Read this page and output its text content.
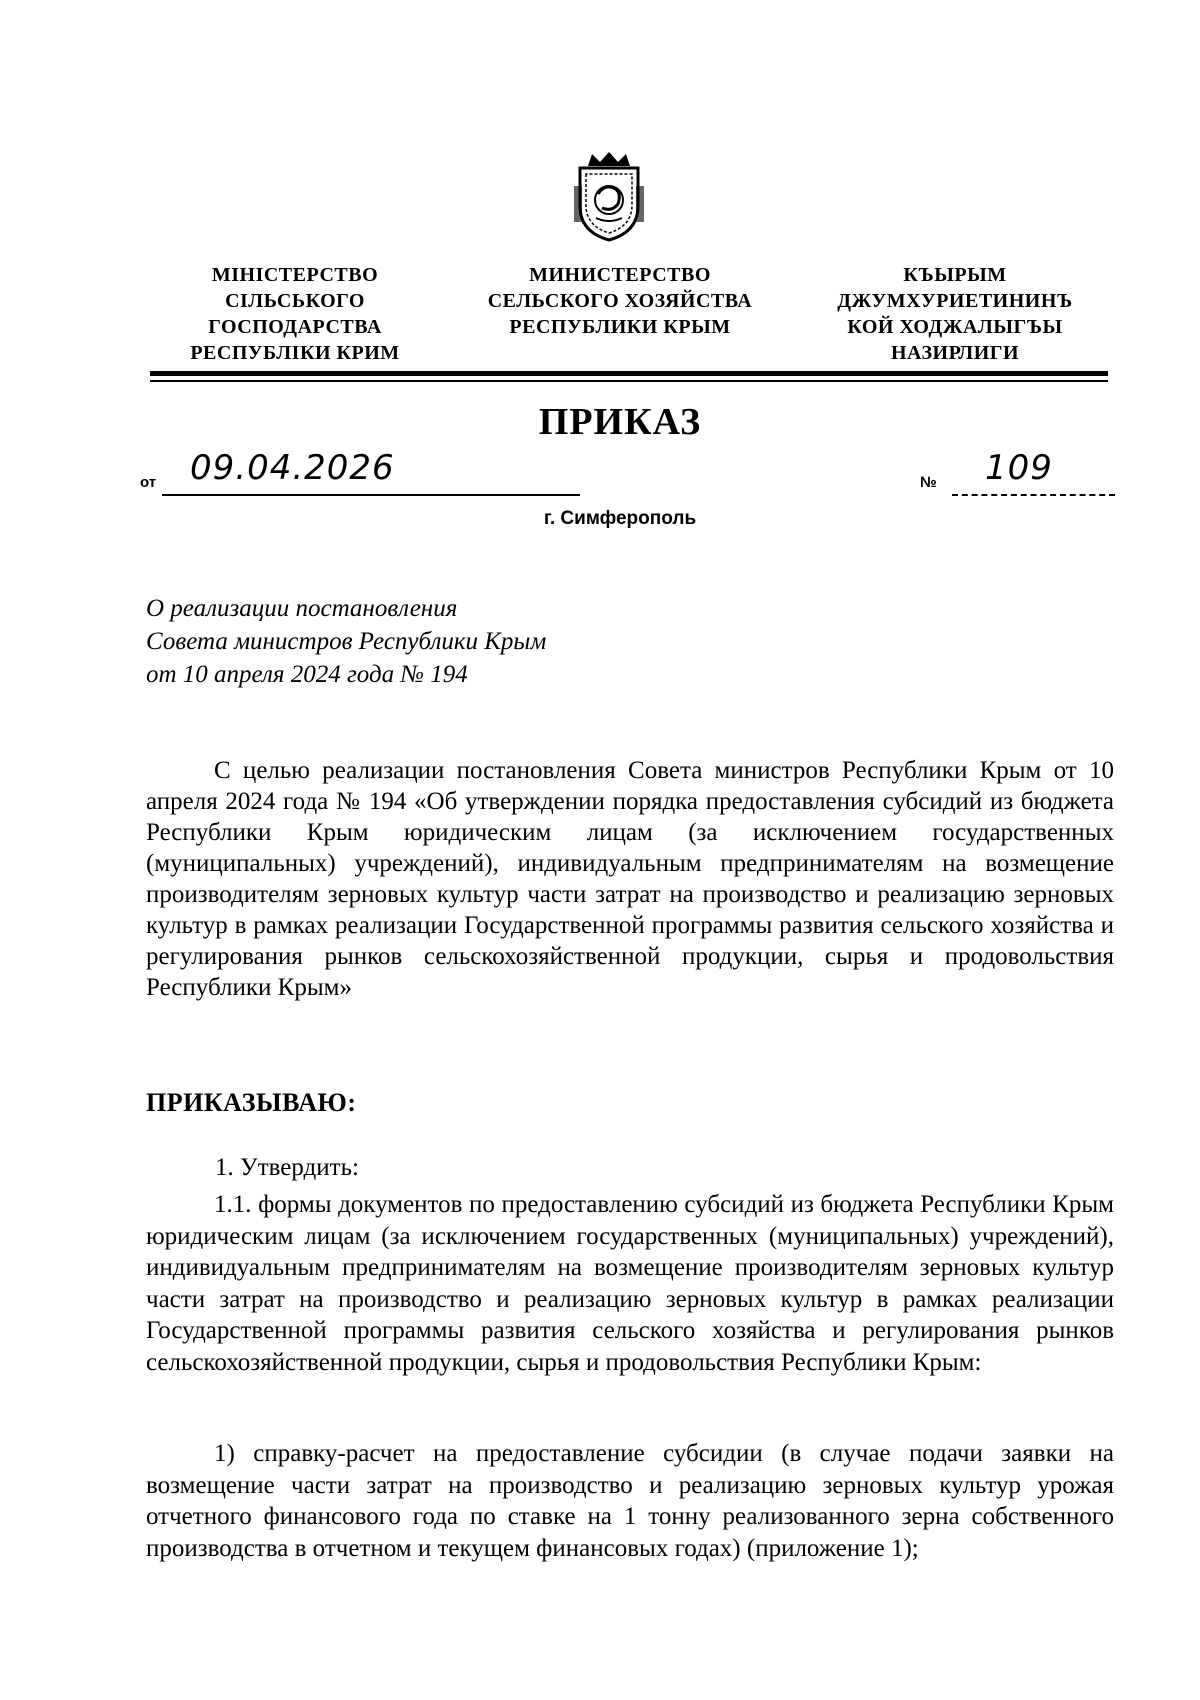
МІНІСТЕРСТВО
СІЛЬСЬКОГО
ГОСПОДАРСТВА
РЕСПУБЛІКИ КРИМ
МИНИСТЕРСТВО
СЕЛЬСКОГО ХОЗЯЙСТВА
РЕСПУБЛИКИ КРЫМ
КЪЫРЫМ
ДЖУМХУРИЕТИНИНЪ
КОЙ ХОДЖАЛЫГЪЫ
НАЗИРЛИГИ
ПРИКАЗ
от 09.04.2026	№ 109
г. Симферополь
О реализации постановления
Совета министров Республики Крым
от 10 апреля 2024 года № 194

С целью реализации постановления Совета министров Республики Крым от 10 апреля 2024 года № 194 «Об утверждении порядка предоставления субсидий из бюджета Республики Крым юридическим лицам (за исключением государственных (муниципальных) учреждений), индивидуальным предпринимателям на возмещение производителям зерновых культур части затрат на производство и реализацию зерновых культур в рамках реализации Государственной программы развития сельского хозяйства и регулирования рынков сельскохозяйственной продукции, сырья и продовольствия Республики Крым»

ПРИКАЗЫВАЮ:
1. Утвердить:

1.1. формы документов по предоставлению субсидий из бюджета Республики Крым юридическим лицам (за исключением государственных (муниципальных) учреждений), индивидуальным предпринимателям на возмещение производителям зерновых культур части затрат на производство и реализацию зерновых культур в рамках реализации Государственной программы развития сельского хозяйства и регулирования рынков сельскохозяйственной продукции, сырья и продовольствия Республики Крым:

1) справку-расчет на предоставление субсидии (в случае подачи заявки на возмещение части затрат на производство и реализацию зерновых культур урожая отчетного финансового года по ставке на 1 тонну реализованного зерна собственного производства в отчетном и текущем финансовых годах) (приложение 1);
